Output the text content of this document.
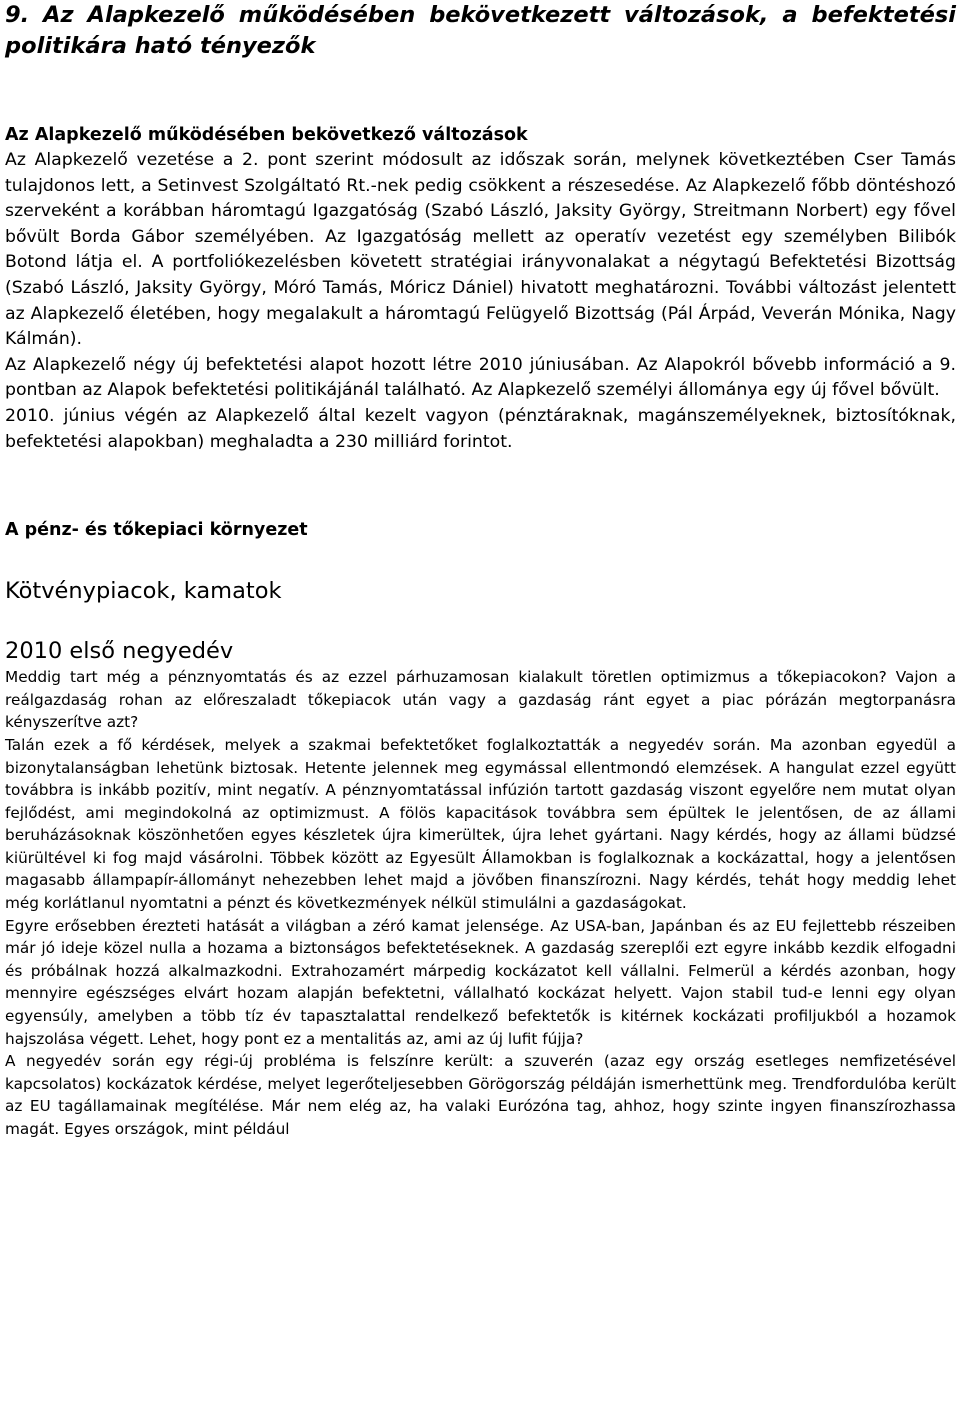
9. Az Alapkezelő működésében bekövetkezett változások, a befektetési politikára ható tényezők
Az Alapkezelő működésében bekövetkező változások

Az Alapkezelő vezetése a 2. pont szerint módosult az időszak során, melynek következtében Cser Tamás tulajdonos lett, a Setinvest Szolgáltató Rt.-nek pedig csökkent a részesedése. Az Alapkezelő főbb döntéshozó szerveként a korábban háromtagú Igazgatóság (Szabó László, Jaksity György, Streitmann Norbert) egy fővel bővült Borda Gábor személyében. Az Igazgatóság mellett az operatív vezetést egy személyben Bilibók Botond látja el. A portfoliókezelésben követett stratégiai irányvonalakat a négytagú Befektetési Bizottság (Szabó László, Jaksity György, Móró Tamás, Móricz Dániel) hivatott meghatározni. További változást jelentett az Alapkezelő életében, hogy megalakult a háromtagú Felügyelő Bizottság (Pál Árpád, Veverán Mónika, Nagy Kálmán).

Az Alapkezelő négy új befektetési alapot hozott létre 2010 júniusában. Az Alapokról bővebb információ a 9. pontban az Alapok befektetési politikájánál található. Az Alapkezelő személyi állománya egy új fővel bővült.

2010. június végén az Alapkezelő által kezelt vagyon (pénztáraknak, magánszemélyeknek, biztosítóknak, befektetési alapokban) meghaladta a 230 milliárd forintot.

A pénz- és tőkepiaci környezet
Kötvénypiacok, kamatok
2010 első negyedév

Meddig tart még a pénznyomtatás és az ezzel párhuzamosan kialakult töretlen optimizmus a tőkepiacokon? Vajon a reálgazdaság rohan az előreszaladt tőkepiacok után vagy a gazdaság ránt egyet a piac pórázán megtorpanásra kényszerítve azt?

Talán ezek a fő kérdések, melyek a szakmai befektetőket foglalkoztatták a negyedév során. Ma azonban egyedül a bizonytalanságban lehetünk biztosak. Hetente jelennek meg egymással ellentmondó elemzések. A hangulat ezzel együtt továbbra is inkább pozitív, mint negatív. A pénznyomtatással infúzión tartott gazdaság viszont egyelőre nem mutat olyan fejlődést, ami megindokolná az optimizmust. A fölös kapacitások továbbra sem épültek le jelentősen, de az állami beruházásoknak köszönhetően egyes készletek újra kimerültek, újra lehet gyártani. Nagy kérdés, hogy az állami büdzsé kiürültével ki fog majd vásárolni. Többek között az Egyesült Államokban is foglalkoznak a kockázattal, hogy a jelentősen magasabb állampapír-állományt nehezebben lehet majd a jövőben finanszírozni. Nagy kérdés, tehát hogy meddig lehet még korlátlanul nyomtatni a pénzt és következmények nélkül stimulálni a gazdaságokat.

Egyre erősebben érezteti hatását a világban a zéró kamat jelensége. Az USA-ban, Japánban és az EU fejlettebb részeiben már jó ideje közel nulla a hozama a biztonságos befektetéseknek. A gazdaság szereplői ezt egyre inkább kezdik elfogadni és próbálnak hozzá alkalmazkodni. Extrahozamért márpedig kockázatot kell vállalni. Felmerül a kérdés azonban, hogy mennyire egészséges elvárt hozam alapján befektetni, vállalható kockázat helyett. Vajon stabil tud-e lenni egy olyan egyensúly, amelyben a több tíz év tapasztalattal rendelkező befektetők is kitérnek kockázati profiljukból a hozamok hajszolása végett. Lehet, hogy pont ez a mentalitás az, ami az új lufit fújja?

A negyedév során egy régi-új probléma is felszínre került: a szuverén (azaz egy ország esetleges nemfizetésével kapcsolatos) kockázatok kérdése, melyet legerőteljesebben Görögország példáján ismerhettünk meg. Trendfordulóba került az EU tagállamainak megítélése. Már nem elég az, ha valaki Eurózóna tag, ahhoz, hogy szinte ingyen finanszírozhassa magát. Egyes országok, mint például
